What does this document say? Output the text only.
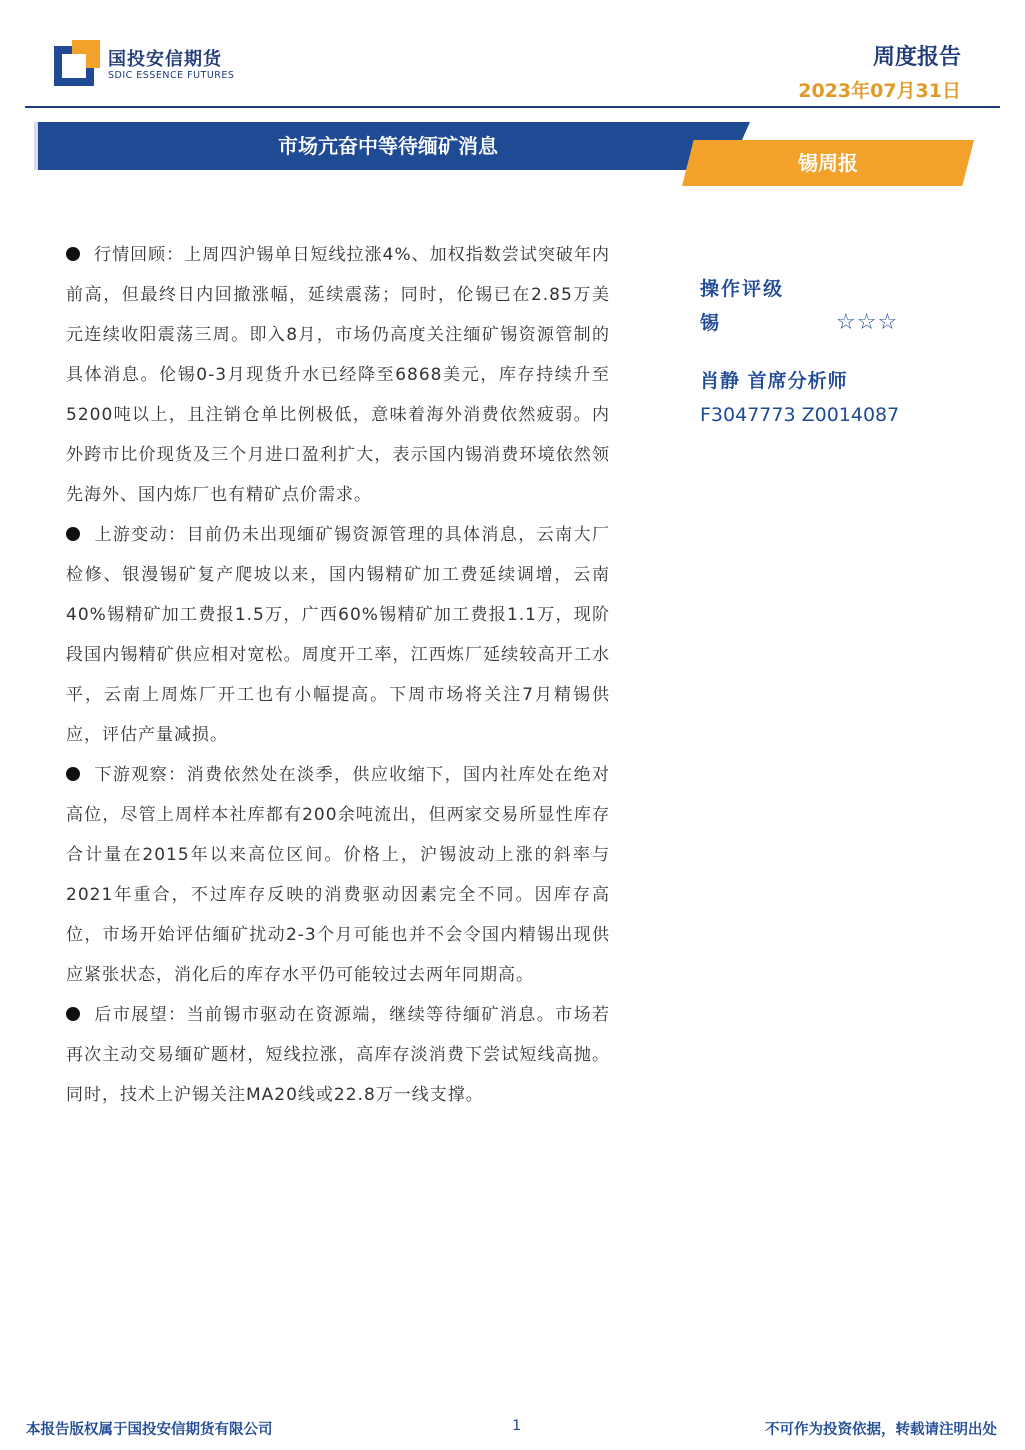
国投安信期货
SDIC ESSENCE FUTURES
周度报告
2023年07月31日
市场亢奋中等待缅矿消息
锡周报

行情回顾：上周四沪锡单日短线拉涨4%、加权指数尝试突破年内前高，但最终日内回撤涨幅，延续震荡；同时，伦锡已在2.85万美元连续收阳震荡三周。即入8月，市场仍高度关注缅矿锡资源管制的具体消息。伦锡0-3月现货升水已经降至6868美元，库存持续升至5200吨以上，且注销仓单比例极低，意味着海外消费依然疲弱。内外跨市比价现货及三个月进口盈利扩大，表示国内锡消费环境依然领先海外、国内炼厂也有精矿点价需求。

上游变动：目前仍未出现缅矿锡资源管理的具体消息，云南大厂检修、银漫锡矿复产爬坡以来，国内锡精矿加工费延续调增，云南40%锡精矿加工费报1.5万，广西60%锡精矿加工费报1.1万，现阶段国内锡精矿供应相对宽松。周度开工率，江西炼厂延续较高开工水平，云南上周炼厂开工也有小幅提高。下周市场将关注7月精锡供应，评估产量减损。

下游观察：消费依然处在淡季，供应收缩下，国内社库处在绝对高位，尽管上周样本社库都有200余吨流出，但两家交易所显性库存合计量在2015年以来高位区间。价格上，沪锡波动上涨的斜率与2021年重合，不过库存反映的消费驱动因素完全不同。因库存高位，市场开始评估缅矿扰动2-3个月可能也并不会令国内精锡出现供应紧张状态，消化后的库存水平仍可能较过去两年同期高。

后市展望：当前锡市驱动在资源端，继续等待缅矿消息。市场若再次主动交易缅矿题材，短线拉涨，高库存淡消费下尝试短线高抛。同时，技术上沪锡关注MA20线或22.8万一线支撑。

操作评级
锡	☆☆☆
肖静 首席分析师
F3047773 Z0014087
本报告版权属于国投安信期货有限公司	1	不可作为投资依据，转载请注明出处
